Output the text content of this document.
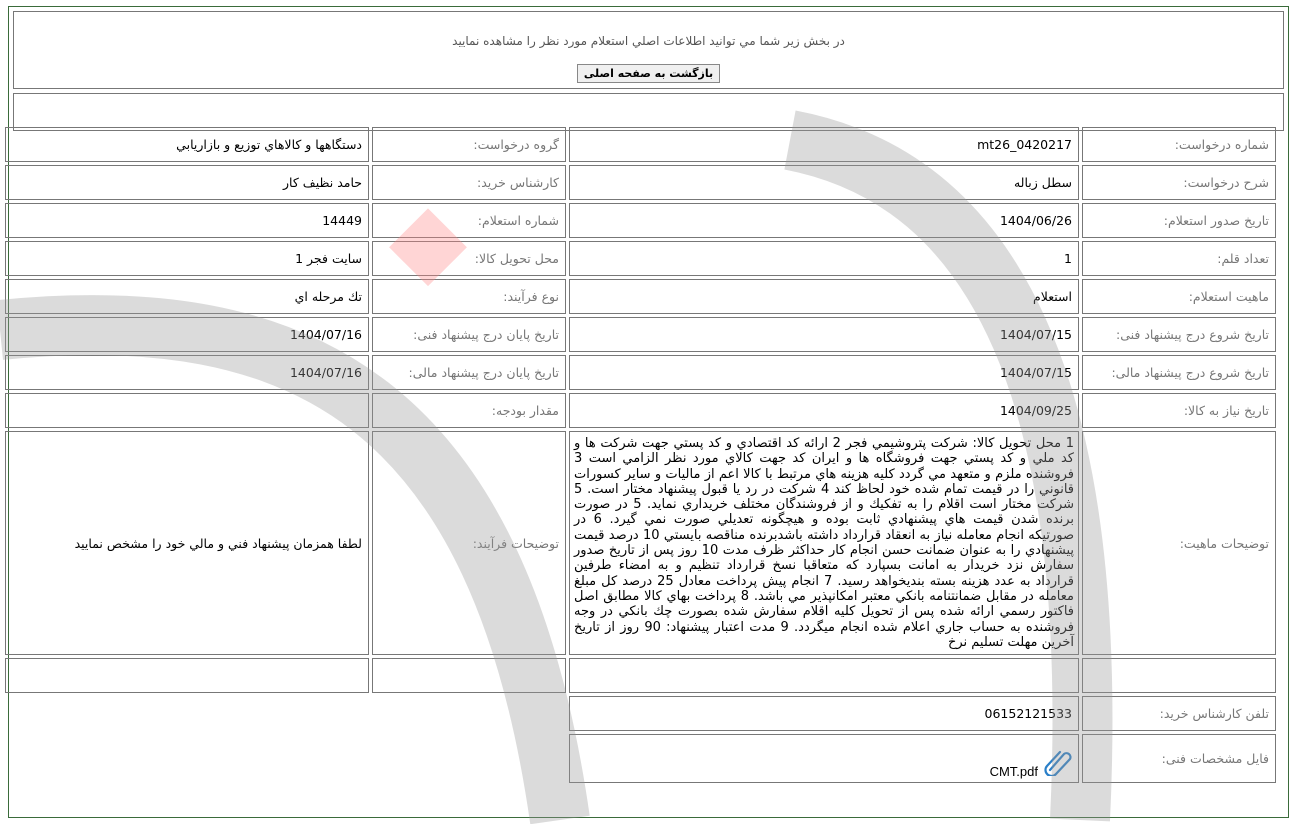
در بخش زير شما مي توانيد اطلاعات اصلي استعلام مورد نظر را مشاهده نماييد
بازگشت به صفحه اصلی
شماره درخواست:	mt26_0420217	گروه درخواست:	دستگاهها و کالاهاي توزيع و بازاريابي
شرح درخواست:	سطل زباله	کارشناس خريد:	حامد نظيف كار
تاریخ صدور استعلام:	1404/06/26	شماره استعلام:	14449
تعداد قلم:	1	محل تحويل کالا:	سايت فجر 1
ماهيت استعلام:	استعلام	نوع فرآيند:	تك مرحله اي
تاریخ شروع درج پیشنهاد فنی:	1404/07/15	تاریخ پایان درج پیشنهاد فنی:	1404/07/16
تاریخ شروع درج پیشنهاد مالی:	1404/07/15	تاریخ پایان درج پیشنهاد مالی:	1404/07/16
تاريخ نياز به کالا:	1404/09/25	مقدار بودجه:	
توضيحات ماهيت:	1 محل تحويل كالا: شركت پتروشيمي فجر 2 ارائه كد اقتصادي و كد پستي جهت شركت ها و كد ملي و كد پستي جهت فروشگاه ها و ايران كد جهت كالاي مورد نظر الزامي است 3 فروشنده ملزم و متعهد مي گردد كليه هزينه هاي مرتبط با كالا اعم از ماليات و ساير كسورات قانوني را در قيمت تمام شده خود لحاظ كند 4 شركت در رد يا قبول پيشنهاد مختار است. 5 شركت مختار است اقلام را به تفكيك و از فروشندگان مختلف خريداري نمايد. 5 در صورت برنده شدن قيمت هاي پيشنهادي ثابت بوده و هيچگونه تعديلي صورت نمي گيرد. 6 در صورتيكه انجام معامله نياز به انعقاد قرارداد داشته باشدبرنده مناقصه بايستي 10 درصد قيمت پيشنهادي را به عنوان ضمانت حسن انجام كار حداكثر ظرف مدت 10 روز پس از تاريخ صدور سفارش نزد خريدار به امانت بسپارد كه متعاقبا نسخ قرارداد تنظيم و به امضاء طرفين قرارداد به عدد هزينه بسته بنديخواهد رسيد. 7 انجام پيش پرداخت معادل 25 درصد كل مبلغ معامله در مقابل ضمانتنامه بانكي معتبر امكانپذير مي باشد. 8 پرداخت بهاي كالا مطابق اصل فاكتور رسمي ارائه شده پس از تحويل كليه اقلام سفارش شده بصورت چك بانكي در وجه فروشنده به حساب جاري اعلام شده انجام ميگردد. 9 مدت اعتبار پيشنهاد: 90 روز از تاريخ آخرين مهلت تسليم نرخ	توضيحات فرآيند:	لطفا همزمان پيشنهاد فني و مالي خود را مشخص نماييد

تلفن کارشناس خريد:	06152121533		
فايل مشخصات فنی:	CMT.pdf		
